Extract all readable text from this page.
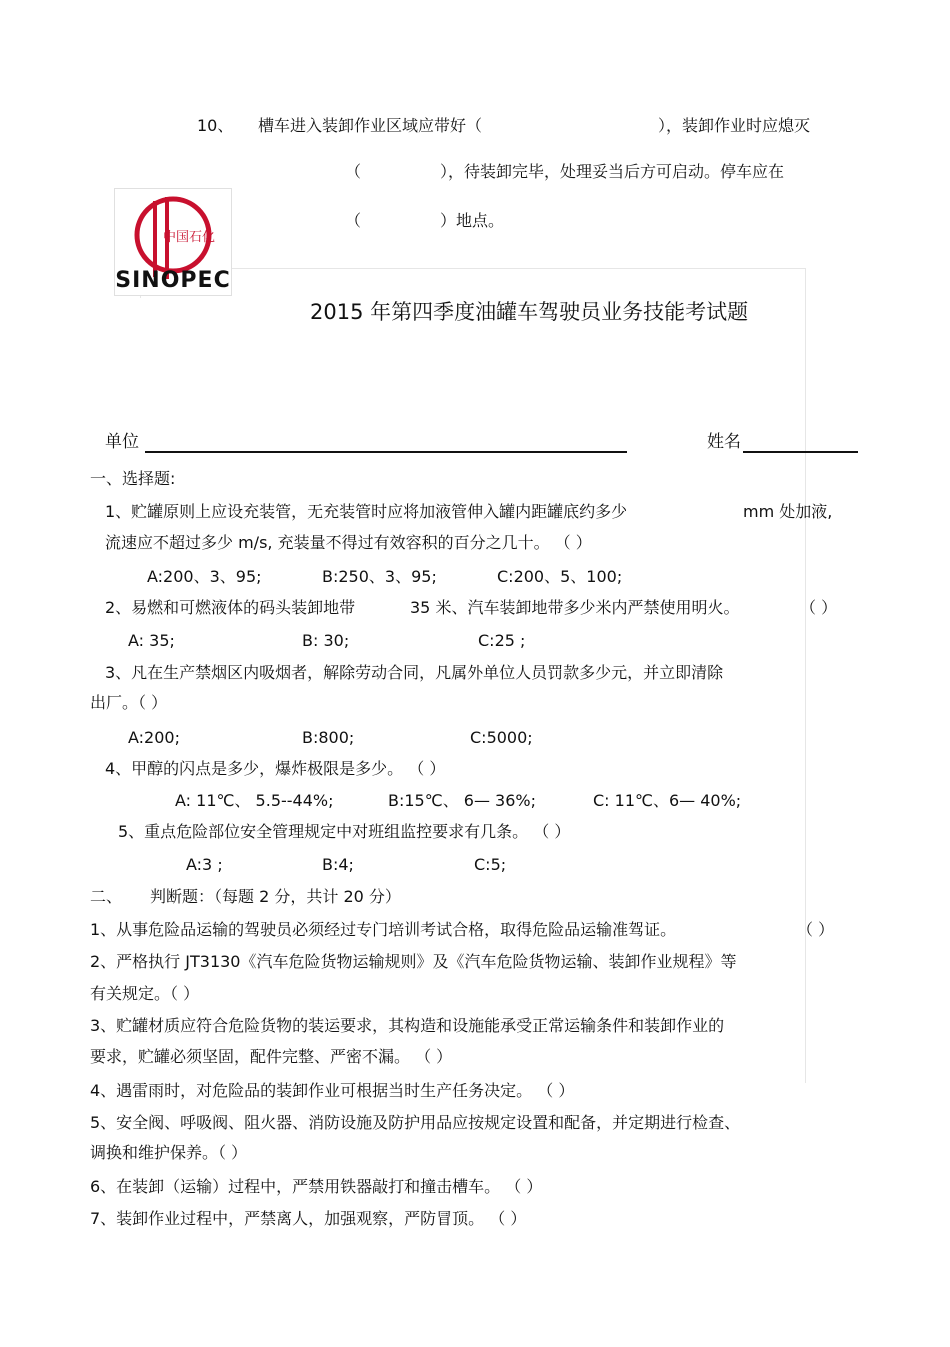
10、 槽车进入装卸作业区域应带好（	），装卸作业时应熄灭
（	），待装卸完毕，处理妥当后方可启动。停车应在
（	）地点。
中国石化
SINOPEC
2015 年第四季度油罐车驾驶员业务技能考试题
单位	姓名
一、选择题:
1、贮罐原则上应设充装管，无充装管时应将加液管伸入罐内距罐底约多少	mm 处加液,
流速应不超过多少 m/s, 充装量不得过有效容积的百分之几十。 （ ）
A:200、3、95;	B:250、3、95;	C:200、5、100;
2、易燃和可燃液体的码头装卸地带	35 米、汽车装卸地带多少米内严禁使用明火。	（ ）
A: 35;	B: 30;	C:25 ;
3、凡在生产禁烟区内吸烟者，解除劳动合同，凡属外单位人员罚款多少元，并立即清除
出厂。（ ）
A:200;	B:800;	C:5000;
4、甲醇的闪点是多少，爆炸极限是多少。 （ ）
A: 11℃、 5.5--44%;	B:15℃、 6— 36%;	C: 11℃、6— 40%;
5、重点危险部位安全管理规定中对班组监控要求有几条。 （ ）
A:3 ;	B:4;	C:5;
二、 判断题：（每题 2 分，共计 20 分）
1、从事危险品运输的驾驶员必须经过专门培训考试合格，取得危险品运输准驾证。	（ ）
2、严格执行 JT3130《汽车危险货物运输规则》及《汽车危险货物运输、装卸作业规程》等
有关规定。（ ）
3、贮罐材质应符合危险货物的装运要求，其构造和设施能承受正常运输条件和装卸作业的
要求，贮罐必须坚固，配件完整、严密不漏。 （ ）
4、遇雷雨时，对危险品的装卸作业可根据当时生产任务决定。 （ ）
5、安全阀、呼吸阀、阻火器、消防设施及防护用品应按规定设置和配备，并定期进行检查、
调换和维护保养。（ ）
6、在装卸（运输）过程中，严禁用铁器敲打和撞击槽车。 （ ）
7、装卸作业过程中，严禁离人，加强观察，严防冒顶。 （ ）
